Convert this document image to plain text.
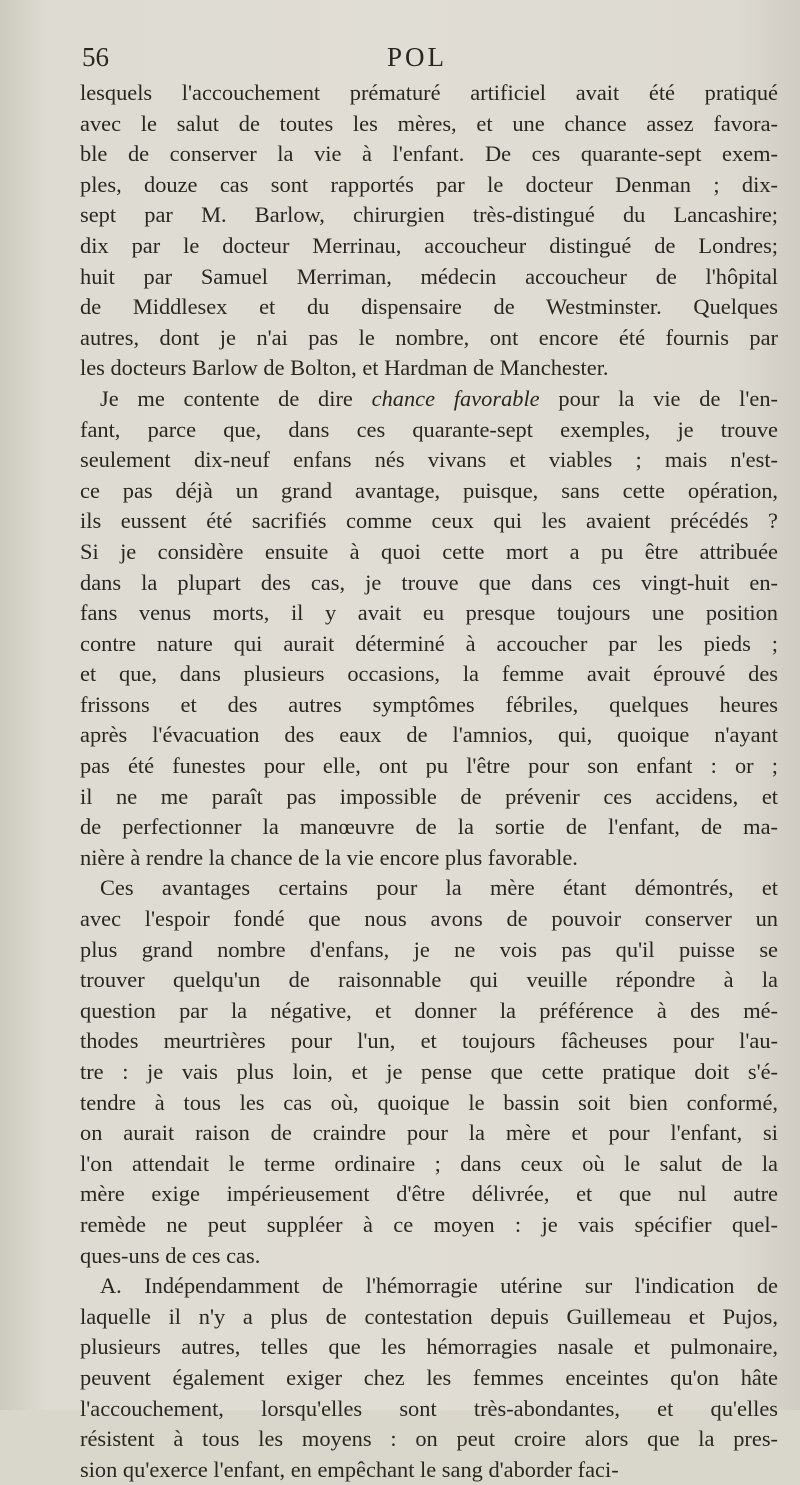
56	POL
lesquels l'accouchement prématuré artificiel avait été pratiqué
avec le salut de toutes les mères, et une chance assez favora-
ble de conserver la vie à l'enfant. De ces quarante-sept exem-
ples, douze cas sont rapportés par le docteur Denman ; dix-
sept par M. Barlow, chirurgien très-distingué du Lancashire;
dix par le docteur Merrinau, accoucheur distingué de Londres;
huit par Samuel Merriman, médecin accoucheur de l'hôpital
de Middlesex et du dispensaire de Westminster. Quelques
autres, dont je n'ai pas le nombre, ont encore été fournis par
les docteurs Barlow de Bolton, et Hardman de Manchester.
Je me contente de dire chance favorable pour la vie de l'en-
fant, parce que, dans ces quarante-sept exemples, je trouve
seulement dix-neuf enfans nés vivans et viables ; mais n'est-
ce pas déjà un grand avantage, puisque, sans cette opération,
ils eussent été sacrifiés comme ceux qui les avaient précédés ?
Si je considère ensuite à quoi cette mort a pu être attribuée
dans la plupart des cas, je trouve que dans ces vingt-huit en-
fans venus morts, il y avait eu presque toujours une position
contre nature qui aurait déterminé à accoucher par les pieds ;
et que, dans plusieurs occasions, la femme avait éprouvé des
frissons et des autres symptômes fébriles, quelques heures
après l'évacuation des eaux de l'amnios, qui, quoique n'ayant
pas été funestes pour elle, ont pu l'être pour son enfant : or ;
il ne me paraît pas impossible de prévenir ces accidens, et
de perfectionner la manœuvre de la sortie de l'enfant, de ma-
nière à rendre la chance de la vie encore plus favorable.
Ces avantages certains pour la mère étant démontrés, et
avec l'espoir fondé que nous avons de pouvoir conserver un
plus grand nombre d'enfans, je ne vois pas qu'il puisse se
trouver quelqu'un de raisonnable qui veuille répondre à la
question par la négative, et donner la préférence à des mé-
thodes meurtrières pour l'un, et toujours fâcheuses pour l'au-
tre : je vais plus loin, et je pense que cette pratique doit s'é-
tendre à tous les cas où, quoique le bassin soit bien conformé,
on aurait raison de craindre pour la mère et pour l'enfant, si
l'on attendait le terme ordinaire ; dans ceux où le salut de la
mère exige impérieusement d'être délivrée, et que nul autre
remède ne peut suppléer à ce moyen : je vais spécifier quel-
ques-uns de ces cas.
A. Indépendamment de l'hémorragie utérine sur l'indication de
laquelle il n'y a plus de contestation depuis Guillemeau et Pujos,
plusieurs autres, telles que les hémorragies nasale et pulmonaire,
peuvent également exiger chez les femmes enceintes qu'on hâte
l'accouchement, lorsqu'elles sont très-abondantes, et qu'elles
résistent à tous les moyens : on peut croire alors que la pres-
sion qu'exerce l'enfant, en empêchant le sang d'aborder faci-
